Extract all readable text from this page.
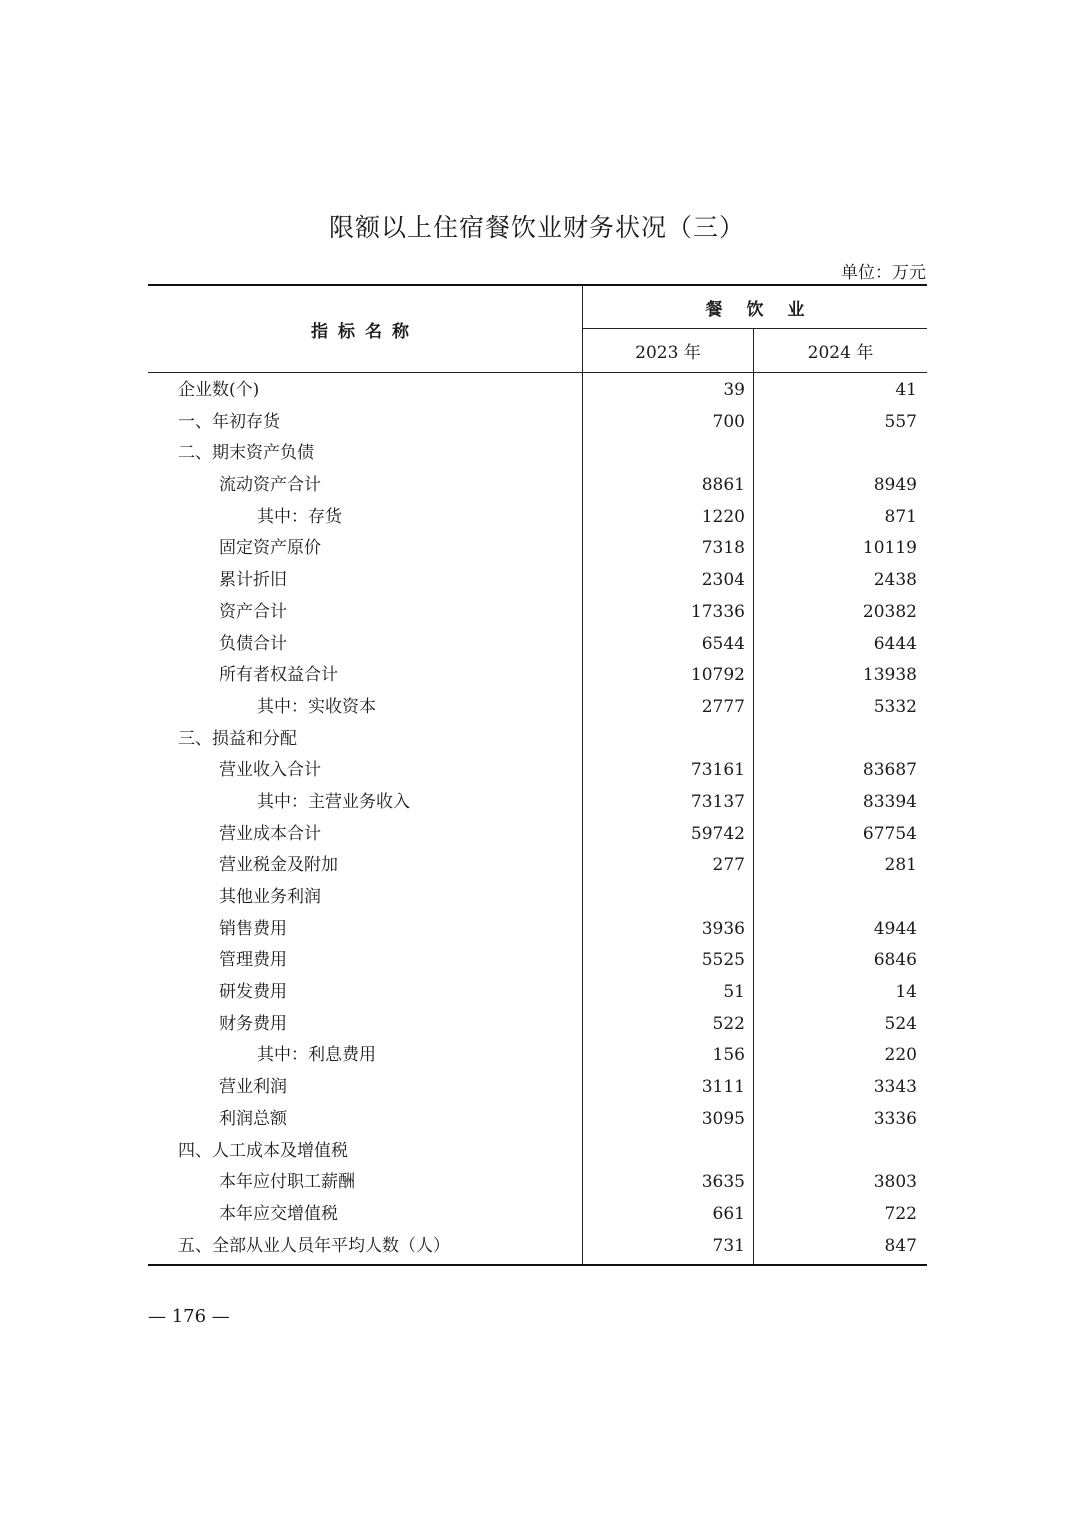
限额以上住宿餐饮业财务状况（三）
单位：万元
指标名称
餐饮业
2023 年	2024 年
企业数(个)	39	41
一、年初存货	700	557
二、期末资产负债
流动资产合计	8861	8949
其中：存货	1220	871
固定资产原价	7318	10119
累计折旧	2304	2438
资产合计	17336	20382
负债合计	6544	6444
所有者权益合计	10792	13938
其中：实收资本	2777	5332
三、损益和分配
营业收入合计	73161	83687
其中：主营业务收入	73137	83394
营业成本合计	59742	67754
营业税金及附加	277	281
其他业务利润
销售费用	3936	4944
管理费用	5525	6846
研发费用	51	14
财务费用	522	524
其中：利息费用	156	220
营业利润	3111	3343
利润总额	3095	3336
四、人工成本及增值税
本年应付职工薪酬	3635	3803
本年应交增值税	661	722
五、全部从业人员年平均人数（人）	731	847
— 176 —
